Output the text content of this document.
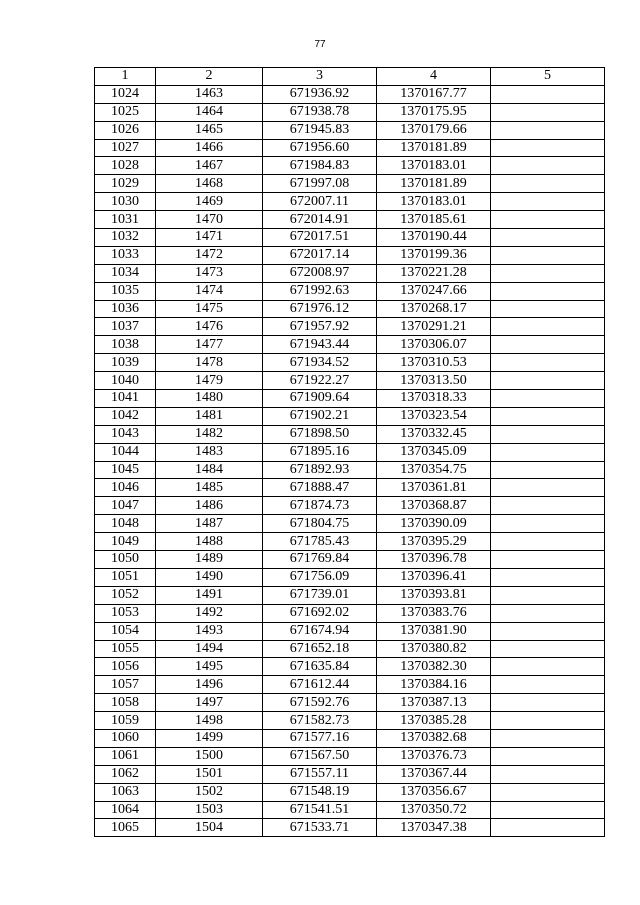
77
1	2	3	4	5
1024	1463	671936.92	1370167.77	
1025	1464	671938.78	1370175.95	
1026	1465	671945.83	1370179.66	
1027	1466	671956.60	1370181.89	
1028	1467	671984.83	1370183.01	
1029	1468	671997.08	1370181.89	
1030	1469	672007.11	1370183.01	
1031	1470	672014.91	1370185.61	
1032	1471	672017.51	1370190.44	
1033	1472	672017.14	1370199.36	
1034	1473	672008.97	1370221.28	
1035	1474	671992.63	1370247.66	
1036	1475	671976.12	1370268.17	
1037	1476	671957.92	1370291.21	
1038	1477	671943.44	1370306.07	
1039	1478	671934.52	1370310.53	
1040	1479	671922.27	1370313.50	
1041	1480	671909.64	1370318.33	
1042	1481	671902.21	1370323.54	
1043	1482	671898.50	1370332.45	
1044	1483	671895.16	1370345.09	
1045	1484	671892.93	1370354.75	
1046	1485	671888.47	1370361.81	
1047	1486	671874.73	1370368.87	
1048	1487	671804.75	1370390.09	
1049	1488	671785.43	1370395.29	
1050	1489	671769.84	1370396.78	
1051	1490	671756.09	1370396.41	
1052	1491	671739.01	1370393.81	
1053	1492	671692.02	1370383.76	
1054	1493	671674.94	1370381.90	
1055	1494	671652.18	1370380.82	
1056	1495	671635.84	1370382.30	
1057	1496	671612.44	1370384.16	
1058	1497	671592.76	1370387.13	
1059	1498	671582.73	1370385.28	
1060	1499	671577.16	1370382.68	
1061	1500	671567.50	1370376.73	
1062	1501	671557.11	1370367.44	
1063	1502	671548.19	1370356.67	
1064	1503	671541.51	1370350.72	
1065	1504	671533.71	1370347.38	
